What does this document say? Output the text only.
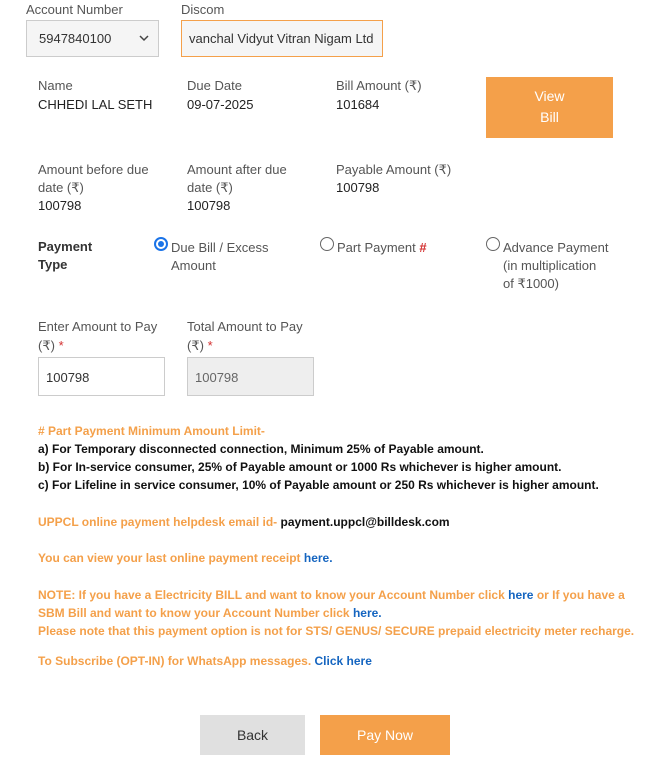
Account Number
5947840100
Discom
vanchal Vidyut Vitran Nigam Ltd
Name
CHHEDI LAL SETH
Due Date
09-07-2025
Bill Amount (₹)
101684
View
Bill
Amount before due
date (₹)
100798
Amount after due
date (₹)
100798
Payable Amount (₹)
100798
Payment
Type
Due Bill / Excess
Amount
Part Payment #	Advance Payment
(in multiplication
of ₹1000)
Enter Amount to Pay
(₹) *
100798
Total Amount to Pay
(₹) *
100798
# Part Payment Minimum Amount Limit-
a) For Temporary disconnected connection, Minimum 25% of Payable amount.
b) For In-service consumer, 25% of Payable amount or 1000 Rs whichever is higher amount.
c) For Lifeline in service consumer, 10% of Payable amount or 250 Rs whichever is higher amount.
UPPCL online payment helpdesk email id- payment.uppcl@billdesk.com
You can view your last online payment receipt here.
NOTE: If you have a Electricity BILL and want to know your Account Number click here or If you have a
SBM Bill and want to know your Account Number click here.
Please note that this payment option is not for STS/ GENUS/ SECURE prepaid electricity meter recharge.
To Subscribe (OPT-IN) for WhatsApp messages. Click here
Back	Pay Now
